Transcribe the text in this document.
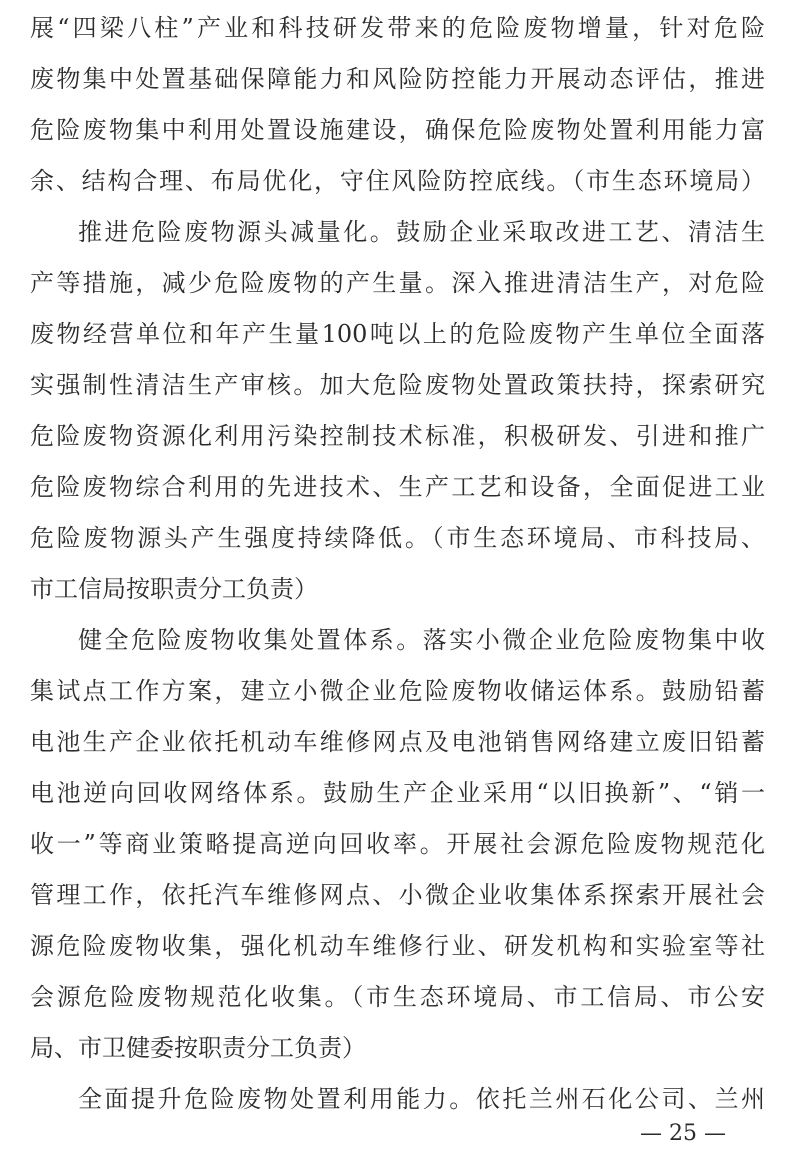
展“四梁八柱”产业和科技研发带来的危险废物增量，针对危险
废物集中处置基础保障能力和风险防控能力开展动态评估，推进
危险废物集中利用处置设施建设，确保危险废物处置利用能力富
余、结构合理、布局优化，守住风险防控底线。（市生态环境局）
推进危险废物源头减量化。鼓励企业采取改进工艺、清洁生
产等措施，减少危险废物的产生量。深入推进清洁生产，对危险
废物经营单位和年产生量100吨以上的危险废物产生单位全面落
实强制性清洁生产审核。加大危险废物处置政策扶持，探索研究
危险废物资源化利用污染控制技术标准，积极研发、引进和推广
危险废物综合利用的先进技术、生产工艺和设备，全面促进工业
危险废物源头产生强度持续降低。（市生态环境局、市科技局、
市工信局按职责分工负责）
健全危险废物收集处置体系。落实小微企业危险废物集中收
集试点工作方案，建立小微企业危险废物收储运体系。鼓励铅蓄
电池生产企业依托机动车维修网点及电池销售网络建立废旧铅蓄
电池逆向回收网络体系。鼓励生产企业采用“以旧换新”、“销一
收一”等商业策略提高逆向回收率。开展社会源危险废物规范化
管理工作，依托汽车维修网点、小微企业收集体系探索开展社会
源危险废物收集，强化机动车维修行业、研发机构和实验室等社
会源危险废物规范化收集。（市生态环境局、市工信局、市公安
局、市卫健委按职责分工负责）
全面提升危险废物处置利用能力。依托兰州石化公司、兰州
— 25 —
